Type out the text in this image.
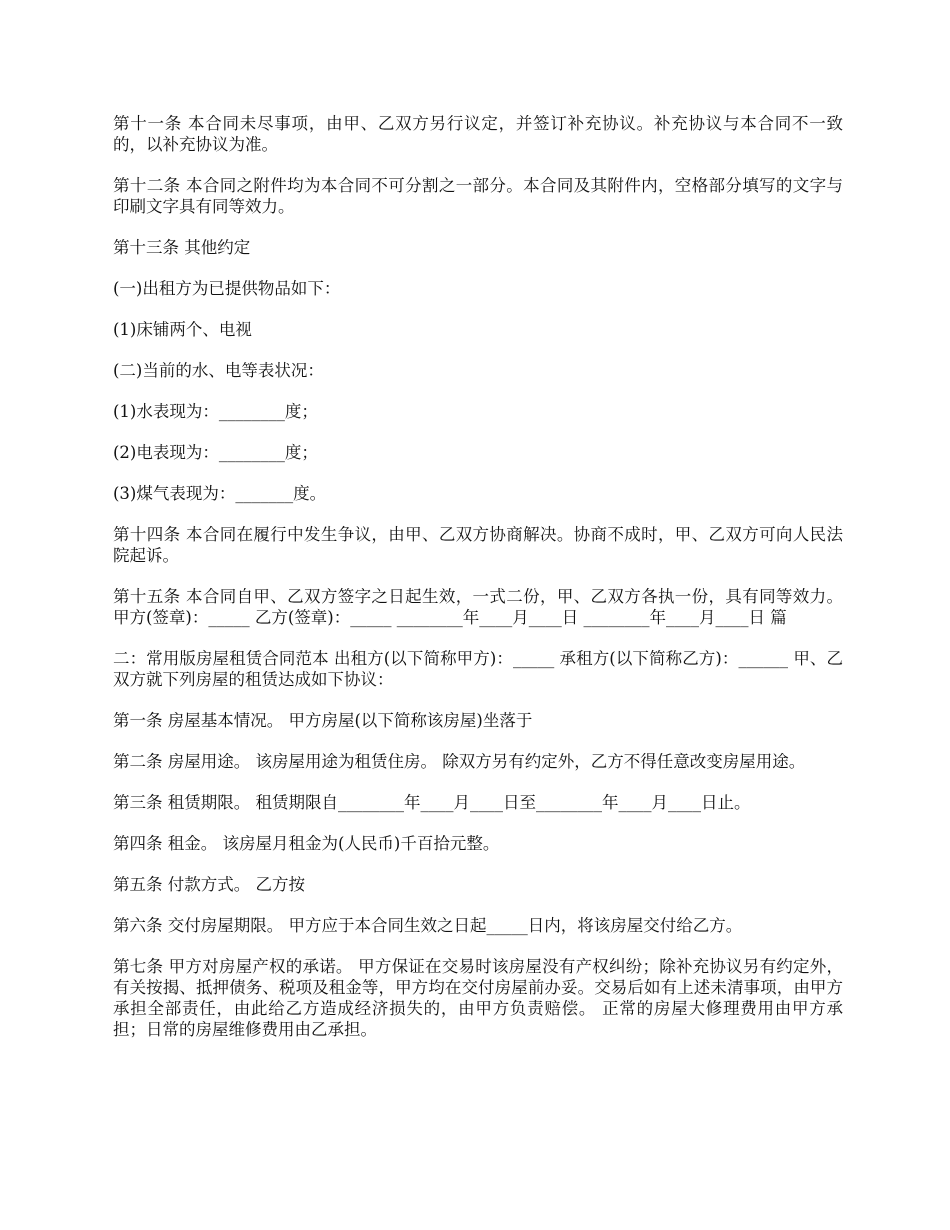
第十一条 本合同未尽事项，由甲、乙双方另行议定，并签订补充协议。补充协议与本合同不一致的，以补充协议为准。

第十二条 本合同之附件均为本合同不可分割之一部分。本合同及其附件内，空格部分填写的文字与印刷文字具有同等效力。

第十三条 其他约定

(一)出租方为已提供物品如下：

(1)床铺两个、电视

(二)当前的水、电等表状况：

(1)水表现为：________度；

(2)电表现为：________度；

(3)煤气表现为：_______度。

第十四条 本合同在履行中发生争议，由甲、乙双方协商解决。协商不成时，甲、乙双方可向人民法院起诉。

第十五条 本合同自甲、乙双方签字之日起生效，一式二份，甲、乙双方各执一份，具有同等效力。 甲方(签章)：_____ 乙方(签章)：_____ ________年____月____日 ________年____月____日 篇

二：常用版房屋租赁合同范本 出租方(以下简称甲方)：_____ 承租方(以下简称乙方)：______ 甲、乙双方就下列房屋的租赁达成如下协议：

第一条 房屋基本情况。 甲方房屋(以下简称该房屋)坐落于

第二条 房屋用途。 该房屋用途为租赁住房。 除双方另有约定外，乙方不得任意改变房屋用途。

第三条 租赁期限。 租赁期限自________年____月____日至________年____月____日止。

第四条 租金。 该房屋月租金为(人民币)千百拾元整。

第五条 付款方式。 乙方按

第六条 交付房屋期限。 甲方应于本合同生效之日起_____日内，将该房屋交付给乙方。

第七条 甲方对房屋产权的承诺。 甲方保证在交易时该房屋没有产权纠纷；除补充协议另有约定外，有关按揭、抵押债务、税项及租金等，甲方均在交付房屋前办妥。交易后如有上述未清事项，由甲方承担全部责任，由此给乙方造成经济损失的，由甲方负责赔偿。 正常的房屋大修理费用由甲方承担；日常的房屋维修费用由乙承担。
